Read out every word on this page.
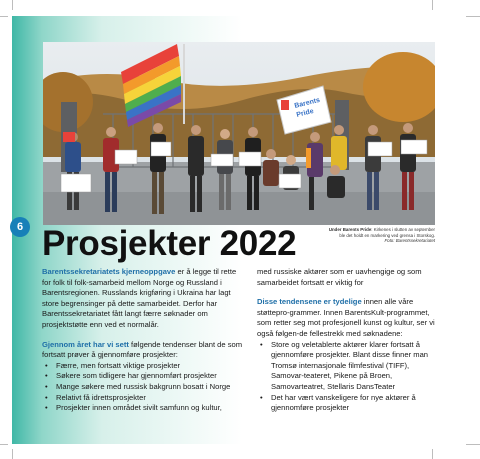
6
Barents
Pride
Under Barents Pride: Kirkenes i slutten av september ble det holdt en markering ved grensa i Storskog.
Foto: Barentssekretariatet
Prosjekter 2022

Barentssekretariatets kjerneoppgave er å legge til rette for folk til folk-samarbeid mellom Norge og Russland i Barentsregionen. Russlands krigføring i Ukraina har lagt store begrensinger på dette samarbeidet. Derfor har Barentssekretariatet fått langt færre søknader om prosjektstøtte enn ved et normalår.

Gjennom året har vi sett følgende tendenser blant de som fortsatt prøver å gjennomføre prosjekter:

• Færre, men fortsatt viktige prosjekter
• Søkere som tidligere har gjennomført prosjekter
• Mange søkere med russisk bakgrunn bosatt i Norge
• Relativt få idrettsprosjekter
• Prosjekter innen området sivilt samfunn og kultur,

med russiske aktører som er uavhengige og som samarbeidet fortsatt er viktig for

Disse tendensene er tydelige innen alle våre støttepro-grammer. Innen BarentsKult-programmet, som retter seg mot profesjonell kunst og kultur, ser vi også følgen-de fellestrekk med søknadene:

• Store og veletablerte aktører klarer fortsatt å gjennomføre prosjekter. Blant disse finner man Tromsø internasjonale filmfestival (TIFF), Samovar-teateret, Pikene på Broen, Samovarteatret, Stellaris DansTeater
• Det har vært vanskeligere for nye aktører å gjennomføre prosjekter
